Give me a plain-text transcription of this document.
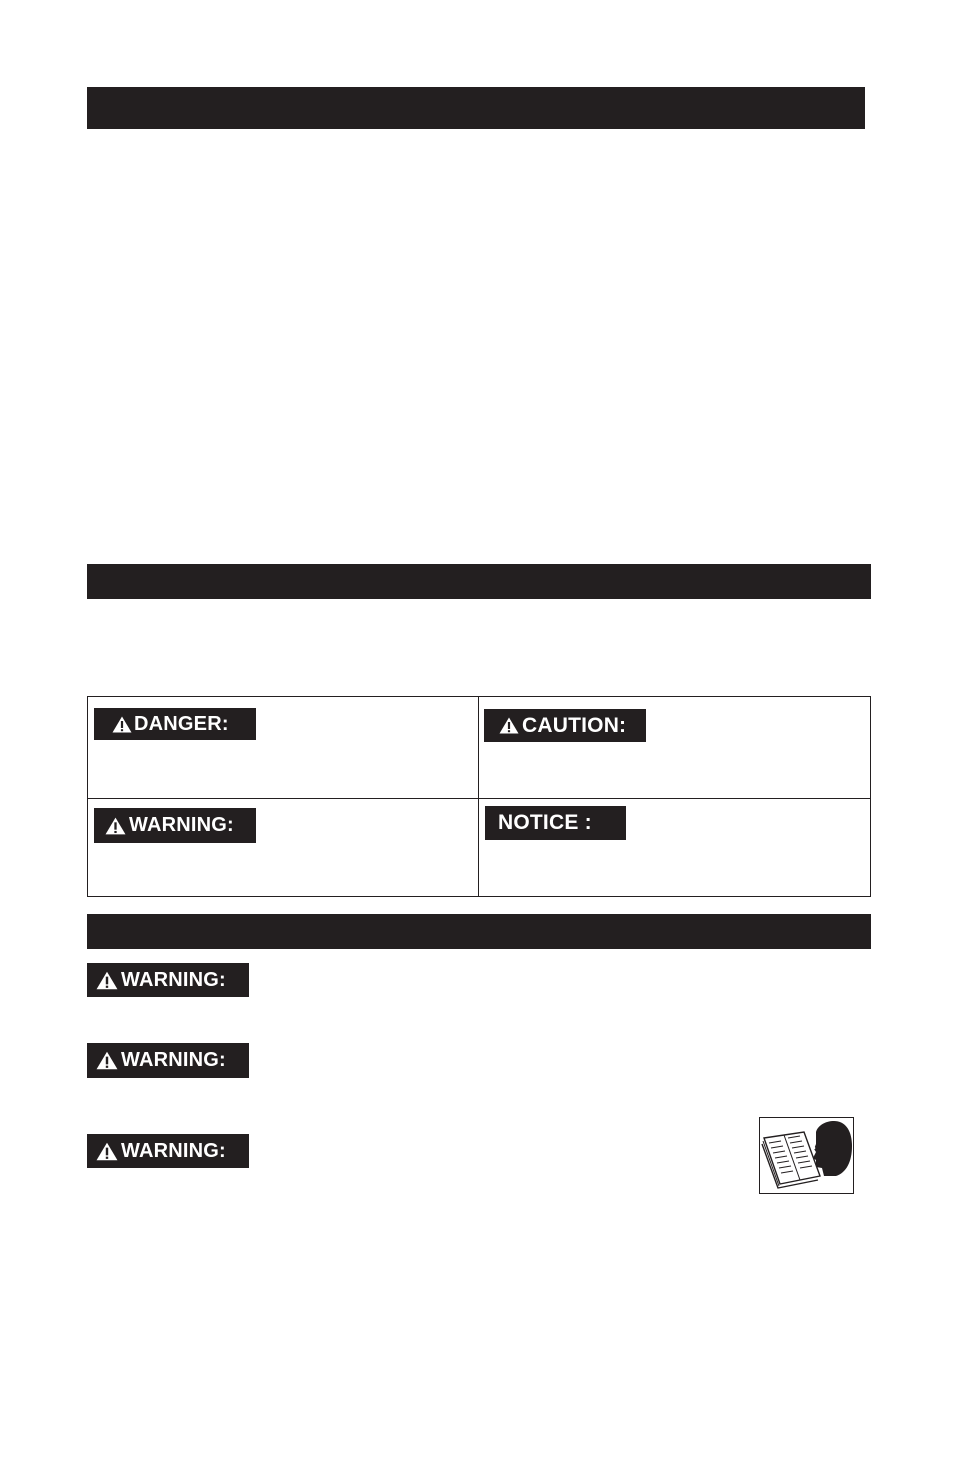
DANGER:	CAUTION:
WARNING:	NOTICE :
WARNING:
WARNING:
WARNING:
